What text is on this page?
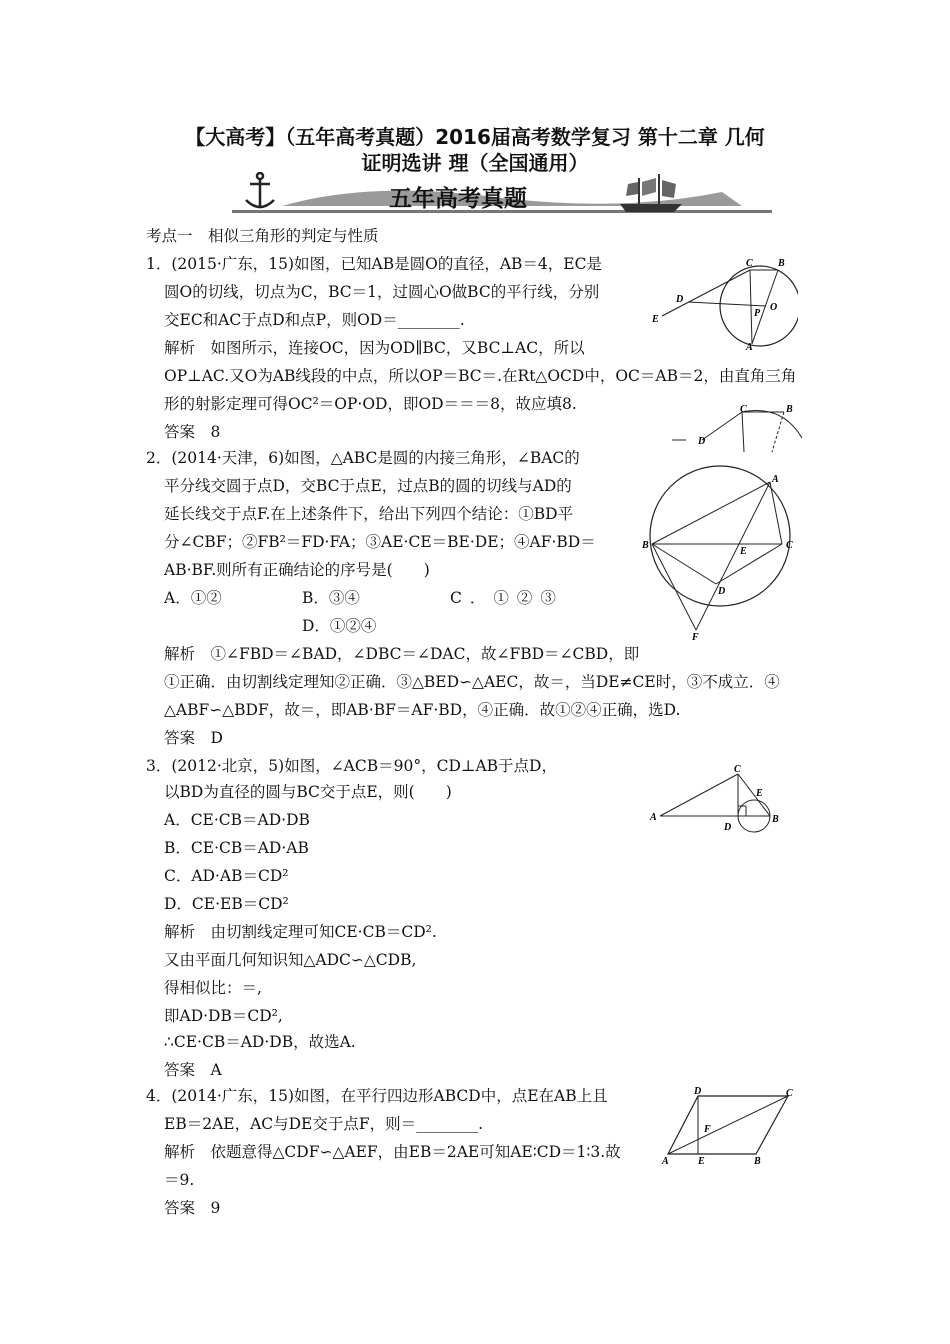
【大高考】（五年高考真题）2016届高考数学复习 第十二章 几何
证明选讲 理（全国通用）
五年高考真题
考点一　相似三角形的判定与性质
1．(2015·广东，15)如图，已知AB是圆O的直径，AB＝4，EC是
圆O的切线，切点为C，BC＝1，过圆心O做BC的平行线，分别
交EC和AC于点D和点P，则OD＝________.
解析　如图所示，连接OC，因为OD∥BC，又BC⊥AC，所以
OP⊥AC.又O为AB线段的中点，所以OP＝BC＝.在Rt△OCD中，OC＝AB＝2，由直角三角
形的射影定理可得OC²＝OP·OD，即OD＝＝＝8，故应填8.
答案　8
C	B
D
O
E
P
A
C	B
D
2．(2014·天津，6)如图，△ABC是圆的内接三角形，∠BAC的
平分线交圆于点D，交BC于点E，过点B的圆的切线与AD的
延长线交于点F.在上述条件下，给出下列四个结论：①BD平
分∠CBF；②FB²＝FD·FA；③AE·CE＝BE·DE；④AF·BD＝
AB·BF.则所有正确结论的序号是(　　)
A．①②	B．③④	C．①②③
D．①②④
解析　①∠FBD＝∠BAD，∠DBC＝∠DAC，故∠FBD＝∠CBD，即
①正确．由切割线定理知②正确．③△BED∽△AEC，故＝，当DE≠CE时，③不成立．④
△ABF∽△BDF，故＝，即AB·BF＝AF·BD，④正确．故①②④正确，选D.
答案　D
A
B	C
E
D
F
3．(2012·北京，5)如图，∠ACB＝90°，CD⊥AB于点D，
以BD为直径的圆与BC交于点E，则(　　)
A．CE·CB＝AD·DB
B．CE·CB＝AD·AB
C．AD·AB＝CD²
D．CE·EB＝CD²
解析　由切割线定理可知CE·CB＝CD².
又由平面几何知识知△ADC∽△CDB,
得相似比：＝,
即AD·DB＝CD²,
∴CE·CB＝AD·DB，故选A.
答案　A
C
E
A
D
B
4．(2014·广东，15)如图，在平行四边形ABCD中，点E在AB上且
EB＝2AE，AC与DE交于点F，则＝________.
解析　依题意得△CDF∽△AEF，由EB＝2AE可知AE∶CD＝1∶3.故
＝9.
答案　9
D	C
F
A	E	B
